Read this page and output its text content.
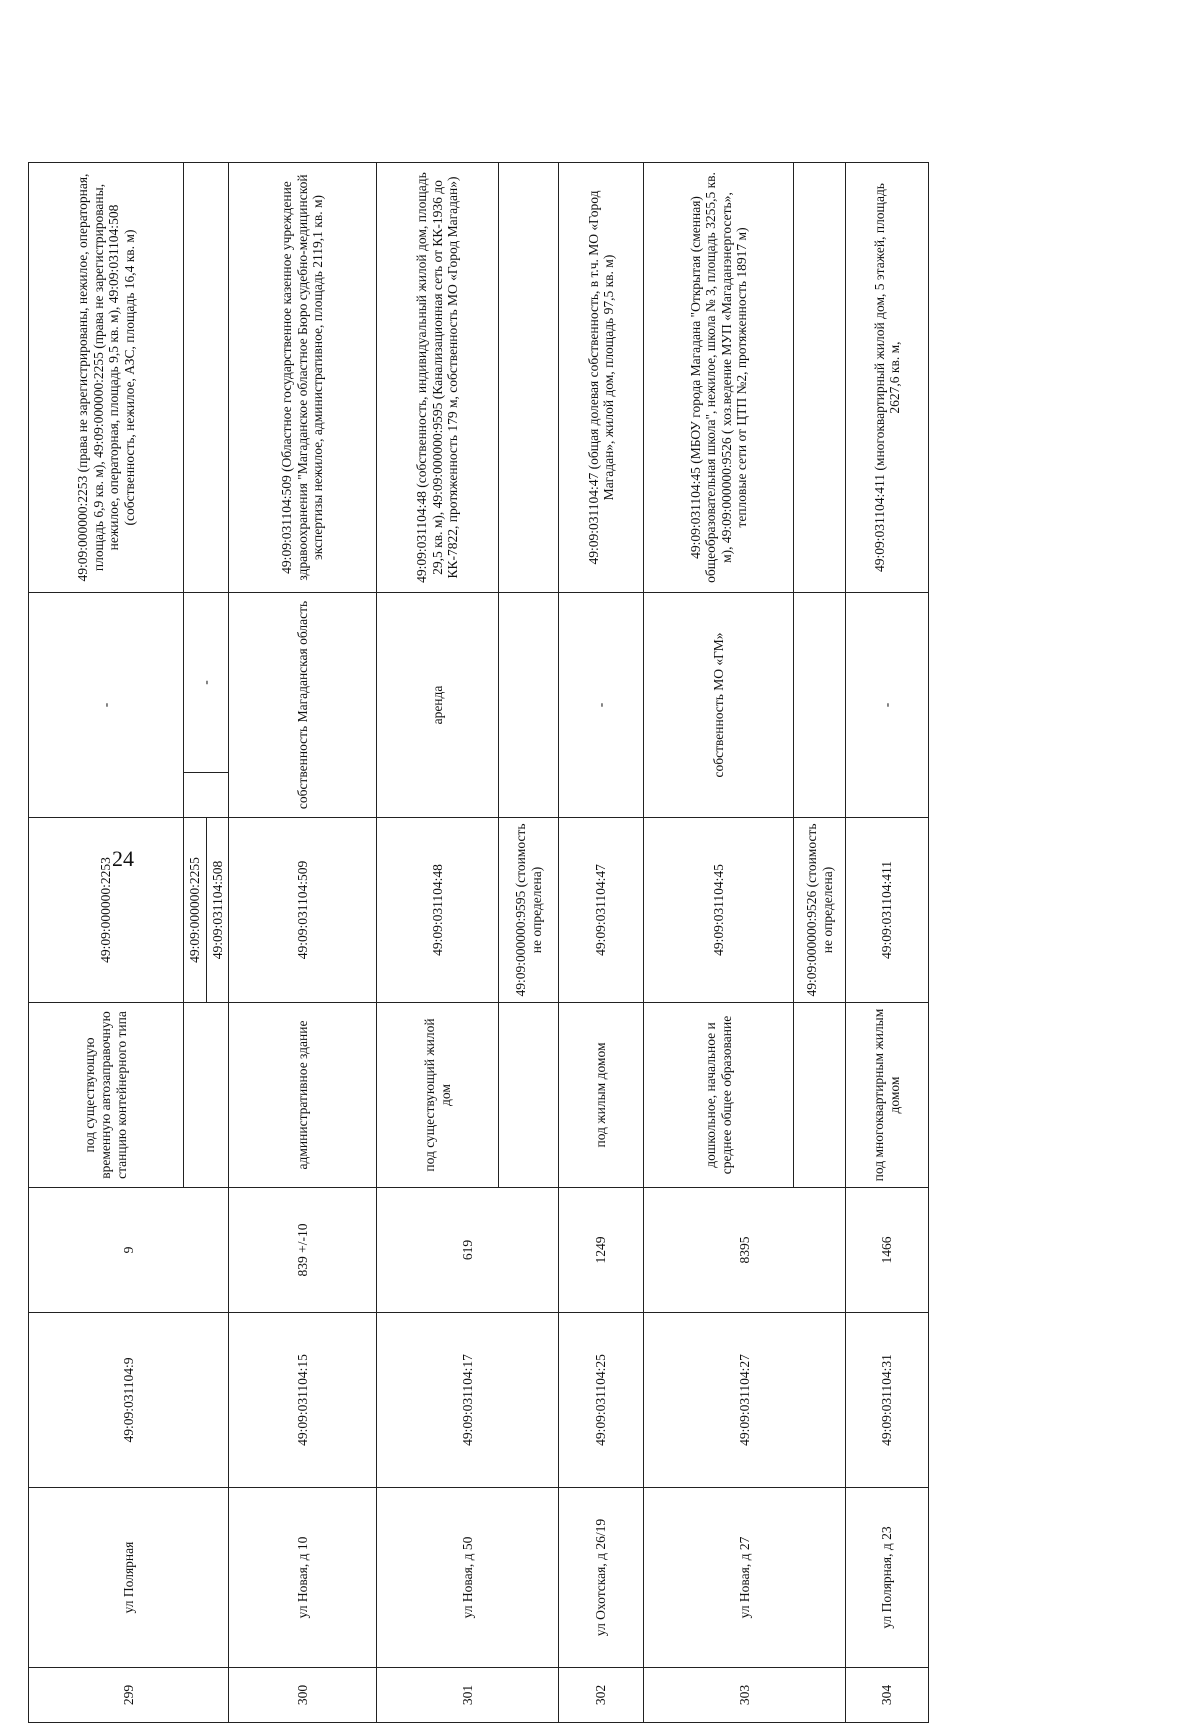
24
299	ул Полярная	49:09:031104:9	9	под существующую временную автозаправочную станцию контейнерного типа	49:09:000000:2253	-		49:09:000000:2253 (права не зарегистрированы, нежилое, операторная, площадь 6,9 кв. м), 49:09:000000:2255 (права не зарегистрированы, нежилое, операторная, площадь 9,5 кв. м), 49:09:031104:508 (собственность, нежилое, АЗС, площадь 16,4 кв. м)
					49:09:000000:2255		-	
					49:09:031104:508			
300	ул Новая, д 10	49:09:031104:15	839 +/-10	административное здание	49:09:031104:509	собственность Магаданская область		49:09:031104:509 (Областное государственное казенное учреждение здравоохранения "Магаданское областное Бюро судебно-медицинской экспертизы нежилое, административное, площадь 2119,1 кв. м)
301	ул Новая, д 50	49:09:031104:17	619	под существующий жилой дом	49:09:031104:48	аренда		49:09:031104:48 (собственность, индивидуальный жилой дом, площадь 29,5 кв. м), 49:09:000000:9595 (Канализационная сеть от КК-1936 до КК-7822, протяженность 179 м, собственность МО «Город Магадан»)
					49:09:000000:9595 (стоимость не определена)			
302	ул Охотская, д 26/19	49:09:031104:25	1249	под жилым домом	49:09:031104:47	-		49:09:031104:47 (общая долевая собственность, в т.ч. МО «Город Магадан», жилой дом, площадь 97,5 кв. м)
303	ул Новая, д 27	49:09:031104:27	8395	дошкольное, начальное и среднее общее образование	49:09:031104:45	собственность МО «ГМ»		49:09:031104:45 (МБОУ города Магадана "Открытая (сменная) общеобразовательная школа", нежилое, школа № 3, площадь 3255,5 кв. м), 49:09:000000:9526 ( хоз.ведение МУП «Магаданэнергосеть», тепловые сети от ЦТП №2, протяженность 18917 м)
					49:09:000000:9526 (стоимость не определена)			
304	ул Полярная, д 23	49:09:031104:31	1466	под многоквартирным жилым домом	49:09:031104:411	-		49:09:031104:411 (многоквартирный жилой дом, 5 этажей, площадь 2627,6 кв. м,
